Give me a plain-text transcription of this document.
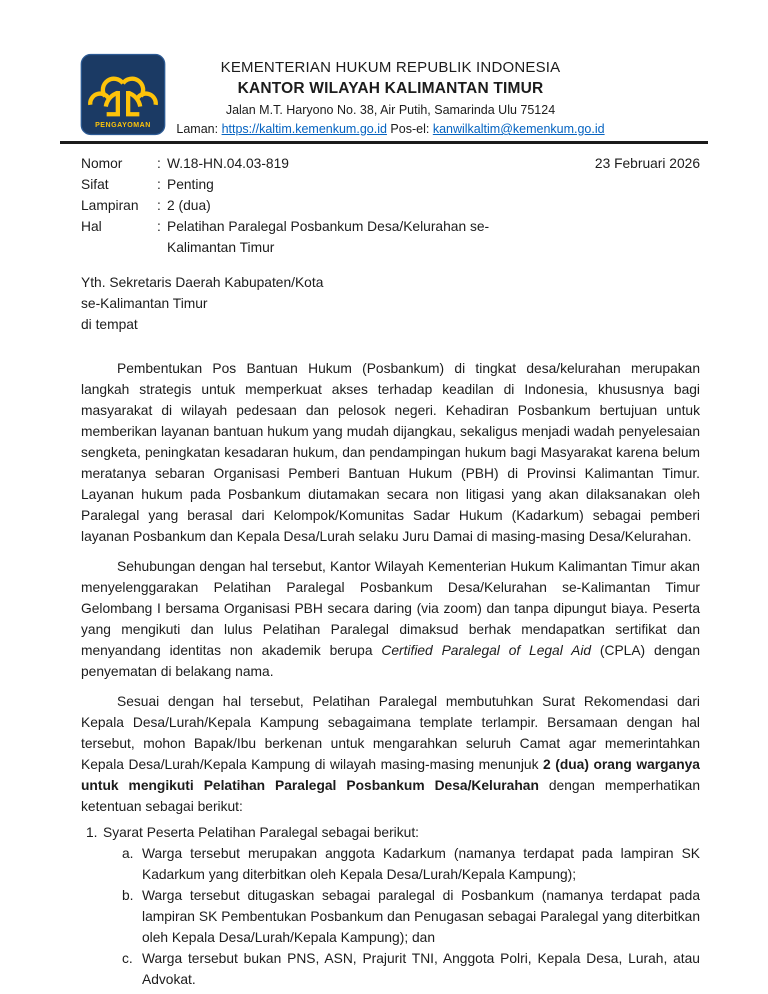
PENGAYOMAN
KEMENTERIAN HUKUM REPUBLIK INDONESIA
KANTOR WILAYAH KALIMANTAN TIMUR
Jalan M.T. Haryono No. 38, Air Putih, Samarinda Ulu 75124
Laman: https://kaltim.kemenkum.go.id Pos-el: kanwilkaltim@kemenkum.go.id
23 Februari 2026
Nomor	: W.18-HN.04.03-819
Sifat	: Penting
Lampiran	: 2 (dua)
Hal	: Pelatihan Paralegal Posbankum Desa/Kelurahan se-
Kalimantan Timur
Yth. Sekretaris Daerah Kabupaten/Kota
se-Kalimantan Timur
di tempat

Pembentukan Pos Bantuan Hukum (Posbankum) di tingkat desa/kelurahan merupakan langkah strategis untuk memperkuat akses terhadap keadilan di Indonesia, khususnya bagi masyarakat di wilayah pedesaan dan pelosok negeri. Kehadiran Posbankum bertujuan untuk memberikan layanan bantuan hukum yang mudah dijangkau, sekaligus menjadi wadah penyelesaian sengketa, peningkatan kesadaran hukum, dan pendampingan hukum bagi Masyarakat karena belum meratanya sebaran Organisasi Pemberi Bantuan Hukum (PBH) di Provinsi Kalimantan Timur. Layanan hukum pada Posbankum diutamakan secara non litigasi yang akan dilaksanakan oleh Paralegal yang berasal dari Kelompok/Komunitas Sadar Hukum (Kadarkum) sebagai pemberi layanan Posbankum dan Kepala Desa/Lurah selaku Juru Damai di masing-masing Desa/Kelurahan.

Sehubungan dengan hal tersebut, Kantor Wilayah Kementerian Hukum Kalimantan Timur akan menyelenggarakan Pelatihan Paralegal Posbankum Desa/Kelurahan se-Kalimantan Timur Gelombang I bersama Organisasi PBH secara daring (via zoom) dan tanpa dipungut biaya. Peserta yang mengikuti dan lulus Pelatihan Paralegal dimaksud berhak mendapatkan sertifikat dan menyandang identitas non akademik berupa Certified Paralegal of Legal Aid (CPLA) dengan penyematan di belakang nama.

Sesuai dengan hal tersebut, Pelatihan Paralegal membutuhkan Surat Rekomendasi dari Kepala Desa/Lurah/Kepala Kampung sebagaimana template terlampir. Bersamaan dengan hal tersebut, mohon Bapak/Ibu berkenan untuk mengarahkan seluruh Camat agar memerintahkan Kepala Desa/Lurah/Kepala Kampung di wilayah masing-masing menunjuk 2 (dua) orang warganya untuk mengikuti Pelatihan Paralegal Posbankum Desa/Kelurahan dengan memperhatikan ketentuan sebagai berikut:

1. Syarat Peserta Pelatihan Paralegal sebagai berikut:
a. Warga tersebut merupakan anggota Kadarkum (namanya terdapat pada lampiran SK Kadarkum yang diterbitkan oleh Kepala Desa/Lurah/Kepala Kampung);
b. Warga tersebut ditugaskan sebagai paralegal di Posbankum (namanya terdapat pada lampiran SK Pembentukan Posbankum dan Penugasan sebagai Paralegal yang diterbitkan oleh Kepala Desa/Lurah/Kepala Kampung); dan
c. Warga tersebut bukan PNS, ASN, Prajurit TNI, Anggota Polri, Kepala Desa, Lurah, atau Advokat.
